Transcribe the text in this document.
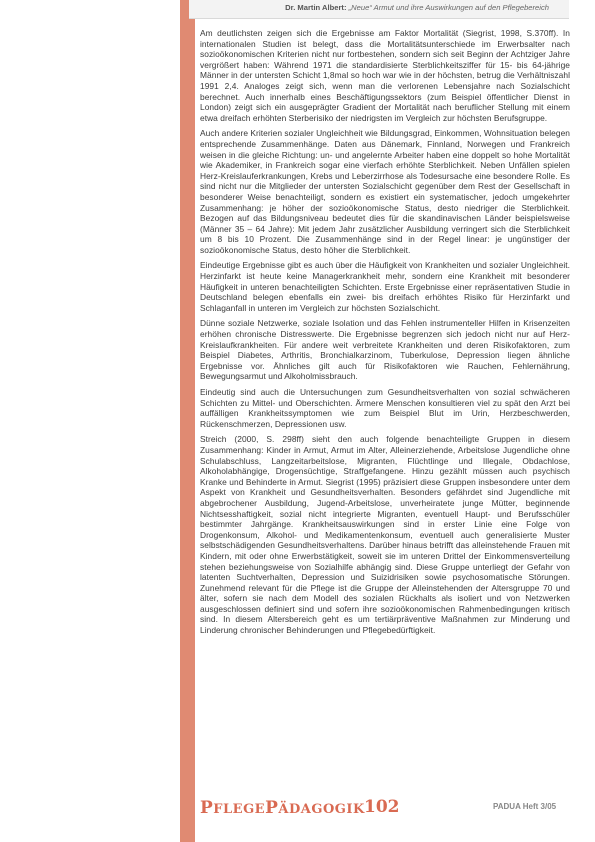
Dr. Martin Albert: „Neue“ Armut und ihre Auswirkungen auf den Pflegebereich

Am deutlichsten zeigen sich die Ergebnisse am Faktor Mortalität (Siegrist, 1998, S.370ff). In internationalen Studien ist belegt, dass die Mortalitätsunterschiede im Erwerbsalter nach sozioökonomischen Kriterien nicht nur fortbestehen, sondern sich seit Beginn der Achtziger Jahre vergrößert haben: Während 1971 die standardisierte Sterblichkeitsziffer für 15- bis 64-jährige Männer in der untersten Schicht 1,8mal so hoch war wie in der höchsten, betrug die Verhältniszahl 1991 2,4. Analoges zeigt sich, wenn man die verlorenen Lebensjahre nach Sozialschicht berechnet. Auch innerhalb eines Beschäftigungssektors (zum Beispiel öffentlicher Dienst in London) zeigt sich ein ausgeprägter Gradient der Mortalität nach beruflicher Stellung mit einem etwa dreifach erhöhten Sterberisiko der niedrigsten im Vergleich zur höchsten Berufsgruppe.

Auch andere Kriterien sozialer Ungleichheit wie Bildungsgrad, Einkommen, Wohnsituation belegen entsprechende Zusammenhänge. Daten aus Dänemark, Finnland, Norwegen und Frankreich weisen in die gleiche Richtung: un- und angelernte Arbeiter haben eine doppelt so hohe Mortalität wie Akademiker, in Frankreich sogar eine vierfach erhöhte Sterblichkeit. Neben Unfällen spielen Herz-Kreislauferkrankungen, Krebs und Leberzirrhose als Todesursache eine besondere Rolle. Es sind nicht nur die Mitglieder der untersten Sozialschicht gegenüber dem Rest der Gesellschaft in besonderer Weise benachteiligt, sondern es existiert ein systematischer, jedoch umgekehrter Zusammenhang: je höher der sozioökonomische Status, desto niedriger die Sterblichkeit. Bezogen auf das Bildungsniveau bedeutet dies für die skandinavischen Länder beispielsweise (Männer 35 – 64 Jahre): Mit jedem Jahr zusätzlicher Ausbildung verringert sich die Sterblichkeit um 8 bis 10 Prozent. Die Zusammenhänge sind in der Regel linear: je ungünstiger der sozioökonomische Status, desto höher die Sterblichkeit.

Eindeutige Ergebnisse gibt es auch über die Häufigkeit von Krankheiten und sozialer Ungleichheit. Herzinfarkt ist heute keine Managerkrankheit mehr, sondern eine Krankheit mit besonderer Häufigkeit in unteren benachteiligten Schichten. Erste Ergebnisse einer repräsentativen Studie in Deutschland belegen ebenfalls ein zwei- bis dreifach erhöhtes Risiko für Herzinfarkt und Schlaganfall in unteren im Vergleich zur höchsten Sozialschicht.

Dünne soziale Netzwerke, soziale Isolation und das Fehlen instrumenteller Hilfen in Krisenzeiten erhöhen chronische Distresswerte. Die Ergebnisse begrenzen sich jedoch nicht nur auf Herz-Kreislaufkrankheiten. Für andere weit verbreitete Krankheiten und deren Risikofaktoren, zum Beispiel Diabetes, Arthritis, Bronchialkarzinom, Tuberkulose, Depression liegen ähnliche Ergebnisse vor. Ähnliches gilt auch für Risikofaktoren wie Rauchen, Fehlernährung, Bewegungsarmut und Alkoholmissbrauch.

Eindeutig sind auch die Untersuchungen zum Gesundheitsverhalten von sozial schwächeren Schichten zu Mittel- und Oberschichten. Ärmere Menschen konsultieren viel zu spät den Arzt bei auffälligen Krankheitssymptomen wie zum Beispiel Blut im Urin, Herzbeschwerden, Rückenschmerzen, Depressionen usw.

Streich (2000, S. 298ff) sieht den auch folgende benachteiligte Gruppen in diesem Zusammenhang: Kinder in Armut, Armut im Alter, Alleinerziehende, Arbeitslose Jugendliche ohne Schulabschluss, Langzeitarbeitslose, Migranten, Flüchtlinge und Illegale, Obdachlose, Alkoholabhängige, Drogensüchtige, Straffgefangene. Hinzu gezählt müssen auch psychisch Kranke und Behinderte in Armut. Siegrist (1995) präzisiert diese Gruppen insbesondere unter dem Aspekt von Krankheit und Gesundheitsverhalten. Besonders gefährdet sind Jugendliche mit abgebrochener Ausbildung, Jugend-Arbeitslose, unverheiratete junge Mütter, beginnende Nichtsesshaftigkeit, sozial nicht integrierte Migranten, eventuell Haupt- und Berufsschüler bestimmter Jahrgänge. Krankheitsauswirkungen sind in erster Linie eine Folge von Drogenkonsum, Alkohol- und Medikamentenkonsum, eventuell auch generalisierte Muster selbstschädigenden Gesundheitsverhaltens. Darüber hinaus betrifft das alleinstehende Frauen mit Kindern, mit oder ohne Erwerbstätigkeit, soweit sie im unteren Drittel der Einkommensverteilung stehen beziehungsweise von Sozialhilfe abhängig sind. Diese Gruppe unterliegt der Gefahr von latenten Suchtverhalten, Depression und Suizidrisiken sowie psychosomatische Störungen. Zunehmend relevant für die Pflege ist die Gruppe der Alleinstehenden der Altersgruppe 70 und älter, sofern sie nach dem Modell des sozialen Rückhalts als isoliert und von Netzwerken ausgeschlossen definiert sind und sofern ihre sozioökonomischen Rahmenbedingungen kritisch sind. In diesem Altersbereich geht es um tertiärpräventive Maßnahmen zur Minderung und Linderung chronischer Behinderungen und Pflegebedürftigkeit.

PFLEGEPÄDAGOGIK 102	PADUA Heft 3/05
